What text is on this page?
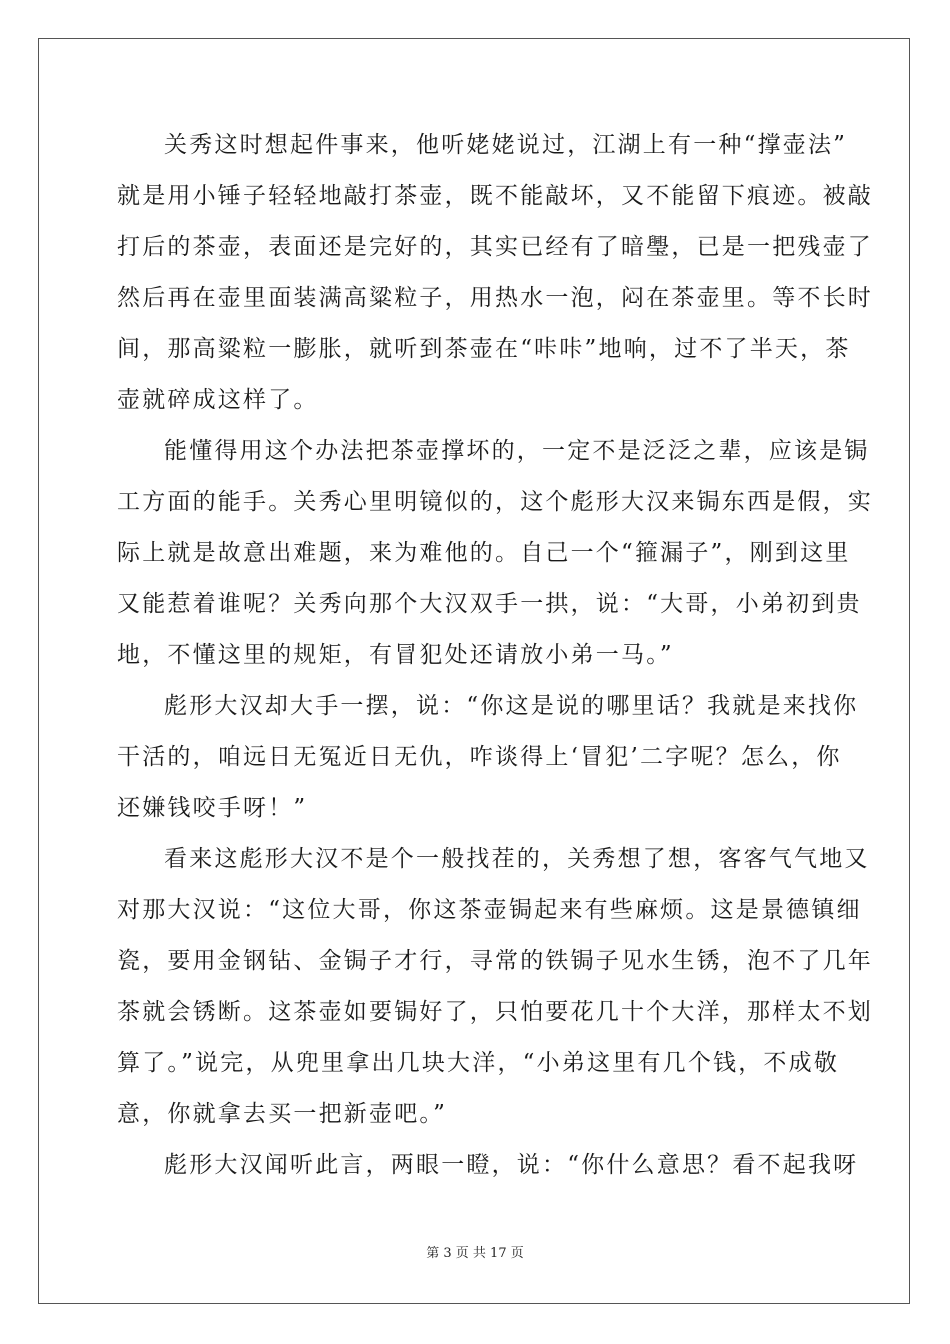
关秀这时想起件事来，他听姥姥说过，江湖上有一种“撑壶法”
就是用小锤子轻轻地敲打茶壶，既不能敲坏，又不能留下痕迹。被敲
打后的茶壶，表面还是完好的，其实已经有了暗璺，已是一把残壶了
然后再在壶里面装满高粱粒子，用热水一泡，闷在茶壶里。等不长时
间，那高粱粒一膨胀，就听到茶壶在“咔咔”地响，过不了半天，茶
壶就碎成这样了。
能懂得用这个办法把茶壶撑坏的，一定不是泛泛之辈，应该是锔
工方面的能手。关秀心里明镜似的，这个彪形大汉来锔东西是假，实
际上就是故意出难题，来为难他的。自己一个“箍漏子”，刚到这里
又能惹着谁呢？关秀向那个大汉双手一拱，说：“大哥，小弟初到贵
地，不懂这里的规矩，有冒犯处还请放小弟一马。”
彪形大汉却大手一摆，说：“你这是说的哪里话？我就是来找你
干活的，咱远日无冤近日无仇，咋谈得上‘冒犯’二字呢？怎么，你
还嫌钱咬手呀！”
看来这彪形大汉不是个一般找茬的，关秀想了想，客客气气地又
对那大汉说：“这位大哥，你这茶壶锔起来有些麻烦。这是景德镇细
瓷，要用金钢钻、金锔子才行，寻常的铁锔子见水生锈，泡不了几年
茶就会锈断。这茶壶如要锔好了，只怕要花几十个大洋，那样太不划
算了。”说完，从兜里拿出几块大洋，“小弟这里有几个钱，不成敬
意，你就拿去买一把新壶吧。”
彪形大汉闻听此言，两眼一瞪，说：“你什么意思？看不起我呀
第 3 页 共 17 页
